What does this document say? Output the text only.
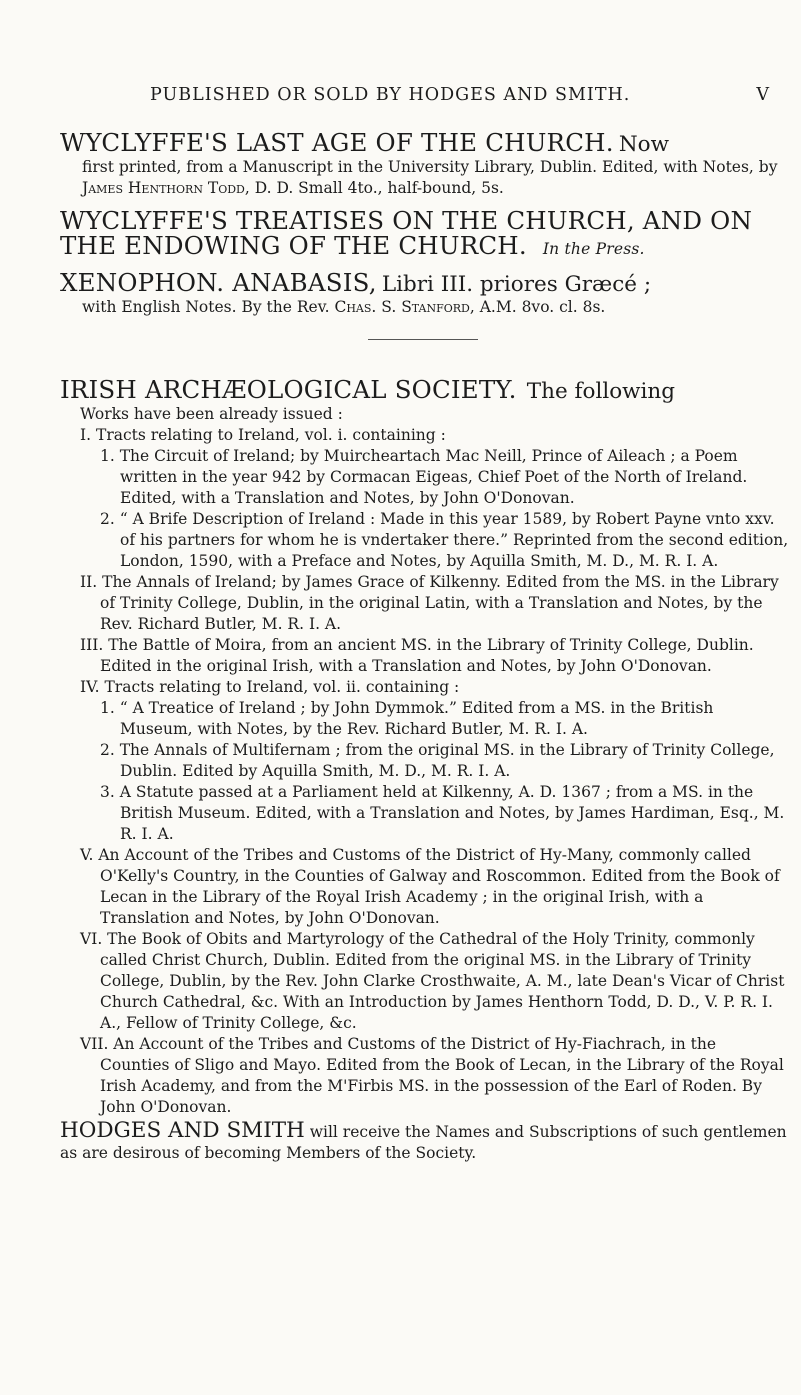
PUBLISHED OR SOLD BY HODGES AND SMITH.	V
WYCLYFFE'S LAST AGE OF THE CHURCH. Now
first printed, from a Manuscript in the University Library, Dublin. Edited, with Notes, by James Henthorn Todd, D. D. Small 4to., half-bound, 5s.
WYCLYFFE'S TREATISES ON THE CHURCH, AND ON THE ENDOWING OF THE CHURCH. In the Press.
XENOPHON. ANABASIS, Libri III. priores Græcé ;
with English Notes. By the Rev. Chas. S. Stanford, A.M. 8vo. cl. 8s.
IRISH ARCHÆOLOGICAL SOCIETY. The following
Works have been already issued :

I. Tracts relating to Ireland, vol. i. containing :

1. The Circuit of Ireland; by Muircheartach Mac Neill, Prince of Aileach ; a Poem written in the year 942 by Cormacan Eigeas, Chief Poet of the North of Ireland. Edited, with a Translation and Notes, by John O'Donovan.

2. “ A Brife Description of Ireland : Made in this year 1589, by Robert Payne vnto xxv. of his partners for whom he is vndertaker there.” Reprinted from the second edition, London, 1590, with a Preface and Notes, by Aquilla Smith, M. D., M. R. I. A.

II. The Annals of Ireland; by James Grace of Kilkenny. Edited from the MS. in the Library of Trinity College, Dublin, in the original Latin, with a Translation and Notes, by the Rev. Richard Butler, M. R. I. A.

III. The Battle of Moira, from an ancient MS. in the Library of Trinity College, Dublin. Edited in the original Irish, with a Translation and Notes, by John O'Donovan.

IV. Tracts relating to Ireland, vol. ii. containing :

1. “ A Treatice of Ireland ; by John Dymmok.” Edited from a MS. in the British Museum, with Notes, by the Rev. Richard Butler, M. R. I. A.

2. The Annals of Multifernam ; from the original MS. in the Library of Trinity College, Dublin. Edited by Aquilla Smith, M. D., M. R. I. A.

3. A Statute passed at a Parliament held at Kilkenny, A. D. 1367 ; from a MS. in the British Museum. Edited, with a Translation and Notes, by James Hardiman, Esq., M. R. I. A.

V. An Account of the Tribes and Customs of the District of Hy-Many, commonly called O'Kelly's Country, in the Counties of Galway and Roscommon. Edited from the Book of Lecan in the Library of the Royal Irish Academy ; in the original Irish, with a Translation and Notes, by John O'Donovan.

VI. The Book of Obits and Martyrology of the Cathedral of the Holy Trinity, commonly called Christ Church, Dublin. Edited from the original MS. in the Library of Trinity College, Dublin, by the Rev. John Clarke Crosthwaite, A. M., late Dean's Vicar of Christ Church Cathedral, &c. With an Introduction by James Henthorn Todd, D. D., V. P. R. I. A., Fellow of Trinity College, &c.

VII. An Account of the Tribes and Customs of the District of Hy-Fiachrach, in the Counties of Sligo and Mayo. Edited from the Book of Lecan, in the Library of the Royal Irish Academy, and from the M'Firbis MS. in the possession of the Earl of Roden. By John O'Donovan.

HODGES AND SMITH will receive the Names and Subscriptions of such gentlemen as are desirous of becoming Members of the Society.
